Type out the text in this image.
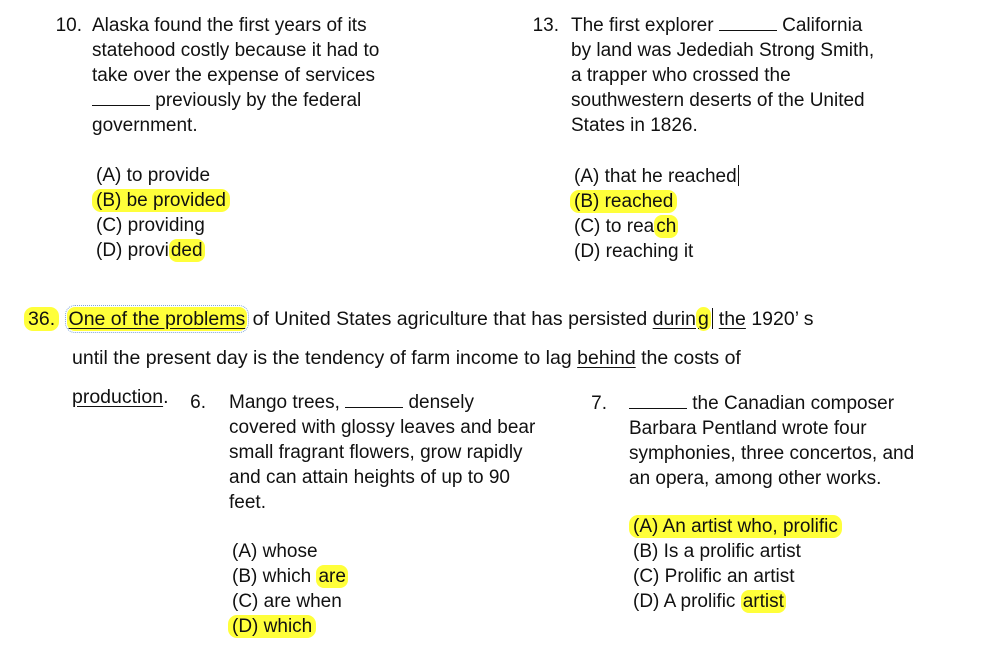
10. Alaska found the first years of its
statehood costly because it had to
take over the expense of services
previously by the federal
government.
(A) to provide
(B) be provided
(C) providing
(D) provi ded
13. The first explorer	California
by land was Jedediah Strong Smith,
a trapper who crossed the
southwestern deserts of the United
States in 1826.
(A) that he reached
(B) reached
(C) to rea ch
(D) reaching it
36. One of the problems of United States agriculture that has persisted durin g the 1920’ s
until the present day is the tendency of farm income to lag behind the costs of
production.	6. Mango trees,	densely
covered with glossy leaves and bear
small fragrant flowers, grow rapidly
and can attain heights of up to 90
feet.
(A) whose
(B) which are
(C) are when
(D) which
7.	the Canadian composer
Barbara Pentland wrote four
symphonies, three concertos, and
an opera, among other works.
(A) An artist who, prolific
(B) Is a prolific artist
(C) Prolific an artist
(D) A prolific artist
